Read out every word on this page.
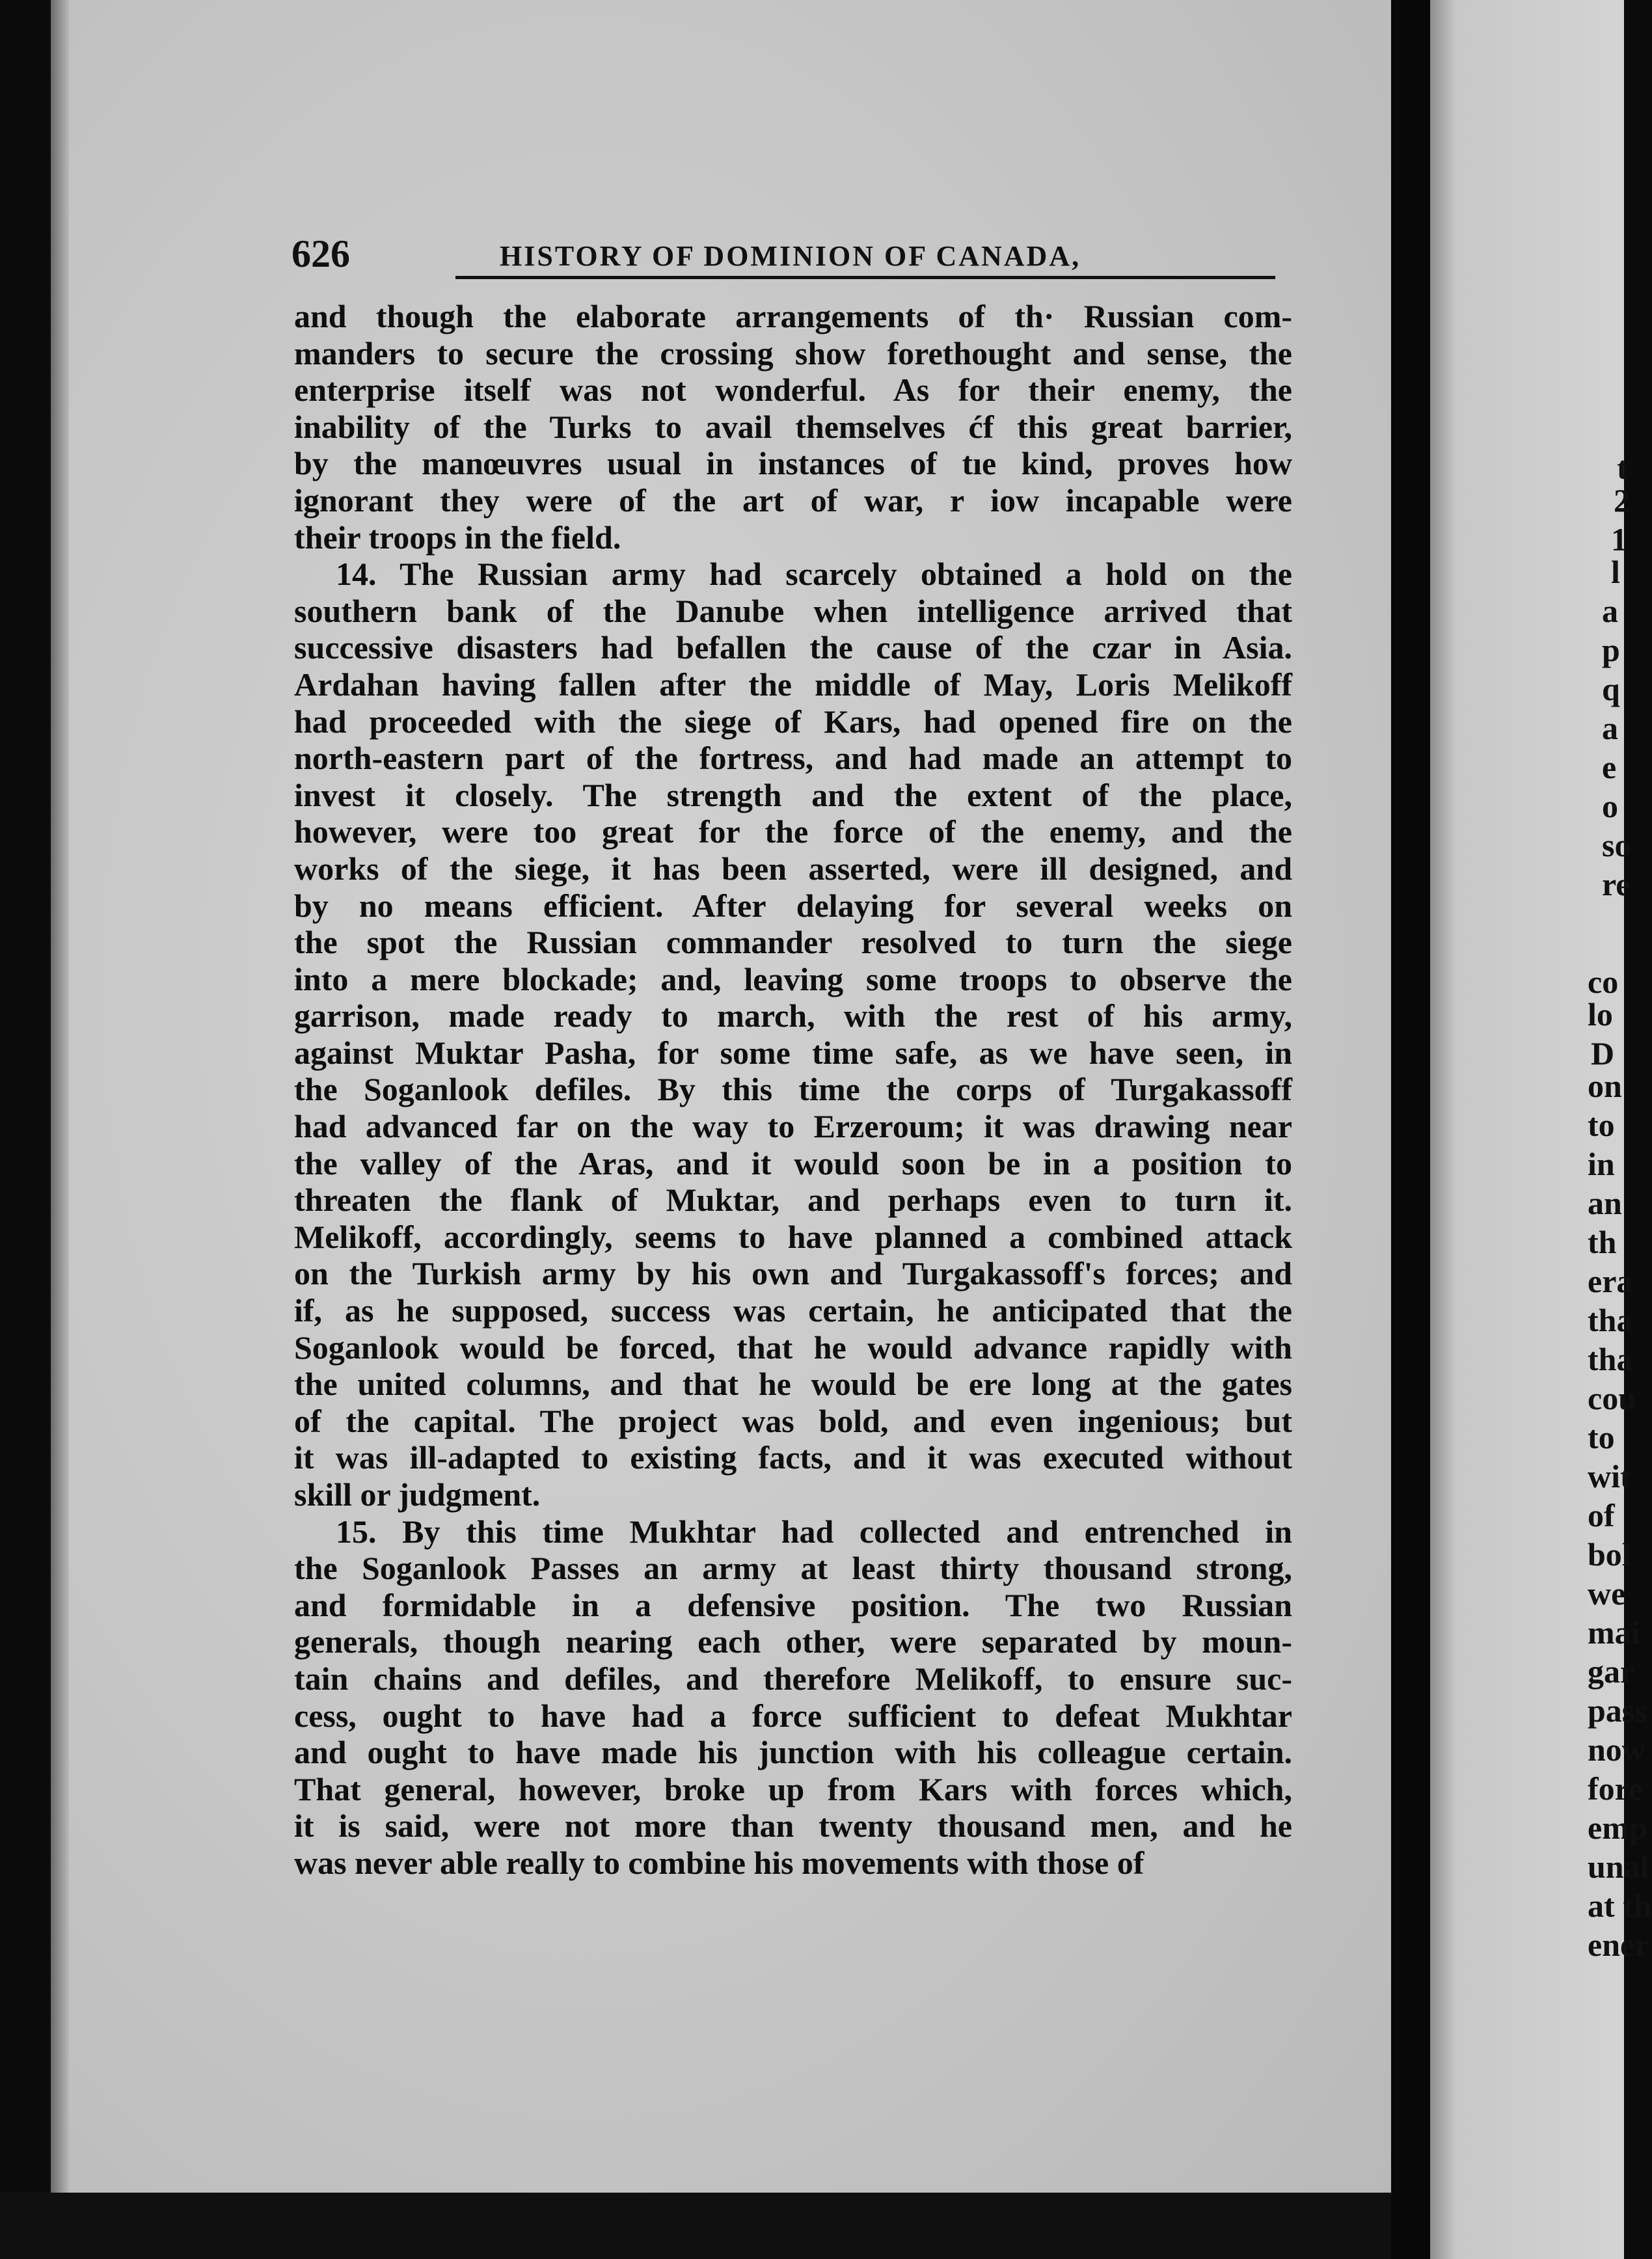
t
2
1
l
a
p
q
a
e
o
so
re
co
lo
D
on
to
in
an
th
era
tha
tha
cou
to
wit
of
bol
we
mai
gar
pass
now
fore
emp
unal
at th
ener
626	HISTORY OF DOMINION OF CANADA,
and though the elaborate arrangements of th· Russian com-
manders to secure the crossing show forethought and sense, the
enterprise itself was not wonderful. As for their enemy, the
inability of the Turks to avail themselves ćf this great barrier,
by the manœuvres usual in instances of tıe kind, proves how
ignorant they were of the art of war, r iow incapable were
their troops in the field.
14. The Russian army had scarcely obtained a hold on the
southern bank of the Danube when intelligence arrived that
successive disasters had befallen the cause of the czar in Asia.
Ardahan having fallen after the middle of May, Loris Melikoff
had proceeded with the siege of Kars, had opened fire on the
north-eastern part of the fortress, and had made an attempt to
invest it closely. The strength and the extent of the place,
however, were too great for the force of the enemy, and the
works of the siege, it has been asserted, were ill designed, and
by no means efficient. After delaying for several weeks on
the spot the Russian commander resolved to turn the siege
into a mere blockade; and, leaving some troops to observe the
garrison, made ready to march, with the rest of his army,
against Muktar Pasha, for some time safe, as we have seen, in
the Soganlook defiles. By this time the corps of Turgakassoff
had advanced far on the way to Erzeroum; it was drawing near
the valley of the Aras, and it would soon be in a position to
threaten the flank of Muktar, and perhaps even to turn it.
Melikoff, accordingly, seems to have planned a combined attack
on the Turkish army by his own and Turgakassoff's forces; and
if, as he supposed, success was certain, he anticipated that the
Soganlook would be forced, that he would advance rapidly with
the united columns, and that he would be ere long at the gates
of the capital. The project was bold, and even ingenious; but
it was ill-adapted to existing facts, and it was executed without
skill or judgment.
15. By this time Mukhtar had collected and entrenched in
the Soganlook Passes an army at least thirty thousand strong,
and formidable in a defensive position. The two Russian
generals, though nearing each other, were separated by moun-
tain chains and defiles, and therefore Melikoff, to ensure suc-
cess, ought to have had a force sufficient to defeat Mukhtar
and ought to have made his junction with his colleague certain.
That general, however, broke up from Kars with forces which,
it is said, were not more than twenty thousand men, and he
was never able really to combine his movements with those of
